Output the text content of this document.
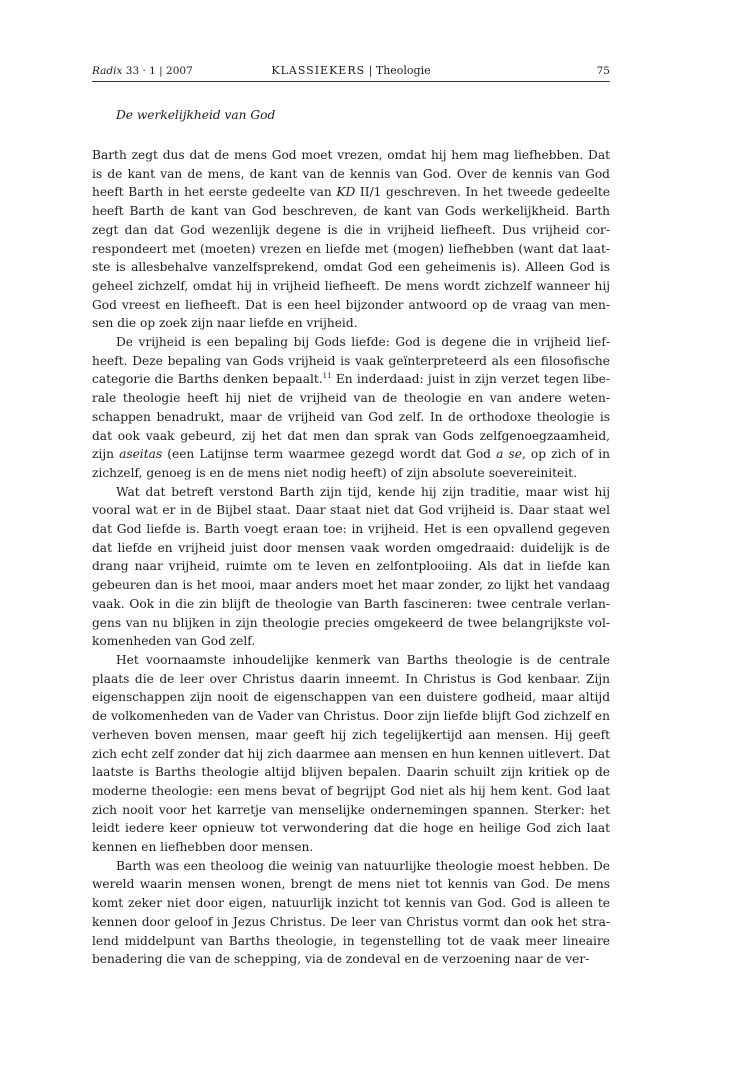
Radix 33 · 1 | 2007	KLASSIEKERS | Theologie	75
De werkelijkheid van God

Barth zegt dus dat de mens God moet vrezen, omdat hij hem mag liefhebben. Dat is de kant van de mens, de kant van de kennis van God. Over de kennis van God heeft Barth in het eerste gedeelte van KD II/1 geschreven. In het tweede gedeelte heeft Barth de kant van God beschreven, de kant van Gods werkelijkheid. Barth zegt dan dat God wezenlijk degene is die in vrijheid liefheeft. Dus vrijheid correspondeert met (moeten) vrezen en liefde met (mogen) liefhebben (want dat laatste is allesbehalve vanzelfsprekend, omdat God een geheimenis is). Alleen God is geheel zichzelf, omdat hij in vrijheid liefheeft. De mens wordt zichzelf wanneer hij God vreest en liefheeft. Dat is een heel bijzonder antwoord op de vraag van mensen die op zoek zijn naar liefde en vrijheid.

De vrijheid is een bepaling bij Gods liefde: God is degene die in vrijheid liefheeft. Deze bepaling van Gods vrijheid is vaak geïnterpreteerd als een filosofische categorie die Barths denken bepaalt.$^{11}$ En inderdaad: juist in zijn verzet tegen liberale theologie heeft hij niet de vrijheid van de theologie en van andere wetenschappen benadrukt, maar de vrijheid van God zelf. In de orthodoxe theologie is dat ook vaak gebeurd, zij het dat men dan sprak van Gods zelfgenoegzaamheid, zijn aseitas (een Latijnse term waarmee gezegd wordt dat God a se, op zich of in zichzelf, genoeg is en de mens niet nodig heeft) of zijn absolute soevereiniteit.

Wat dat betreft verstond Barth zijn tijd, kende hij zijn traditie, maar wist hij vooral wat er in de Bijbel staat. Daar staat niet dat God vrijheid is. Daar staat wel dat God liefde is. Barth voegt eraan toe: in vrijheid. Het is een opvallend gegeven dat liefde en vrijheid juist door mensen vaak worden omgedraaid: duidelijk is de drang naar vrijheid, ruimte om te leven en zelfontplooiing. Als dat in liefde kan gebeuren dan is het mooi, maar anders moet het maar zonder, zo lijkt het vandaag vaak. Ook in die zin blijft de theologie van Barth fascineren: twee centrale verlangens van nu blijken in zijn theologie precies omgekeerd de twee belangrijkste volkomenheden van God zelf.

Het voornaamste inhoudelijke kenmerk van Barths theologie is de centrale plaats die de leer over Christus daarin inneemt. In Christus is God kenbaar. Zijn eigenschappen zijn nooit de eigenschappen van een duistere godheid, maar altijd de volkomenheden van de Vader van Christus. Door zijn liefde blijft God zichzelf en verheven boven mensen, maar geeft hij zich tegelijkertijd aan mensen. Hij geeft zich echt zelf zonder dat hij zich daarmee aan mensen en hun kennen uitlevert. Dat laatste is Barths theologie altijd blijven bepalen. Daarin schuilt zijn kritiek op de moderne theologie: een mens bevat of begrijpt God niet als hij hem kent. God laat zich nooit voor het karretje van menselijke ondernemingen spannen. Sterker: het leidt iedere keer opnieuw tot verwondering dat die hoge en heilige God zich laat kennen en liefhebben door mensen.

Barth was een theoloog die weinig van natuurlijke theologie moest hebben. De wereld waarin mensen wonen, brengt de mens niet tot kennis van God. De mens komt zeker niet door eigen, natuurlijk inzicht tot kennis van God. God is alleen te kennen door geloof in Jezus Christus. De leer van Christus vormt dan ook het stralend middelpunt van Barths theologie, in tegenstelling tot de vaak meer lineaire benadering die van de schepping, via de zondeval en de verzoening naar de ver-
